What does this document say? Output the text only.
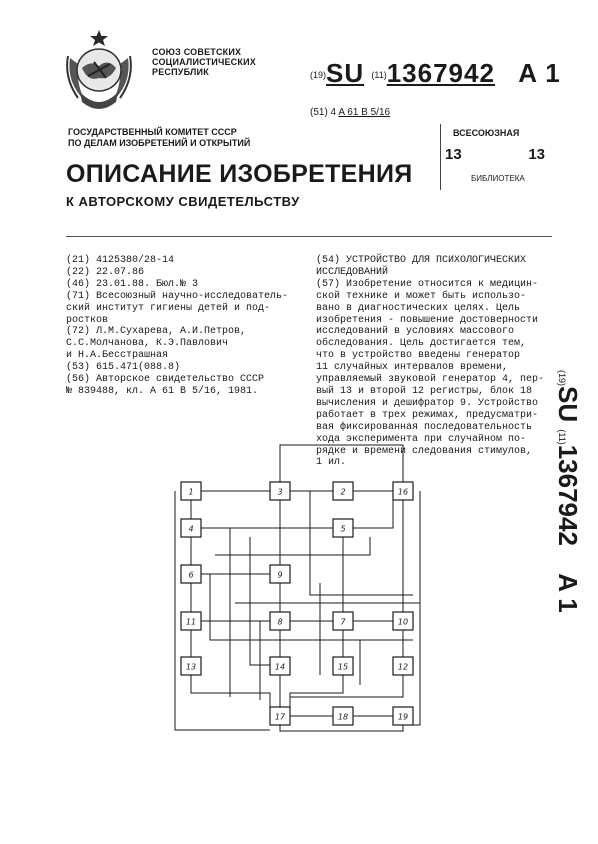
СОЮЗ СОВЕТСКИХ
СОЦИАЛИСТИЧЕСКИХ
РЕСПУБЛИК	(19)SU (11)1367942 A 1
(51) 4 A 61 B 5/16
ВСЕСОЮЗНАЯ
13	13
БИБЛИОТЕКА
ГОСУДАРСТВЕННЫЙ КОМИТЕТ СССР
ПО ДЕЛАМ ИЗОБРЕТЕНИЙ И ОТКРЫТИЙ
ОПИСАНИЕ ИЗОБРЕТЕНИЯ
К АВТОРСКОМУ СВИДЕТЕЛЬСТВУ
(21) 4125380/28-14
(22) 22.07.86
(46) 23.01.88. Бюл.№ 3
(71) Всесоюзный научно-исследователь-
ский институт гигиены детей и под-
ростков
(72) Л.М.Сухарева, А.И.Петров,
С.С.Молчанова, К.Э.Павлович
и Н.А.Бесстрашная
(53) 615.471(088.8)
(56) Авторское свидетельство СССР
№ 839488, кл. А 61 В 5/16, 1981.
(54) УСТРОЙСТВО ДЛЯ ПСИХОЛОГИЧЕСКИХ
ИССЛЕДОВАНИЙ
(57) Изобретение относится к медицин-
ской технике и может быть использо-
вано в диагностических целях. Цель
изобретения - повышение достоверности
исследований в условиях массового
обследования. Цель достигается тем,
что в устройство введены генератор
11 случайных интервалов времени,
управляемый звуковой генератор 4, пер-
вый 13 и второй 12 регистры, блок 18
вычисления и дешифратор 9. Устройство
работает в трех режимах, предусматри-
вая фиксированная последовательность
хода эксперимента при случайном по-
рядке и времени следования стимулов,
1 ил.
(19)SU (11)1367942 A 1
1	3	2	16
4	5
6	9
11	8	7	10
13	14	15	12
17	18	19
